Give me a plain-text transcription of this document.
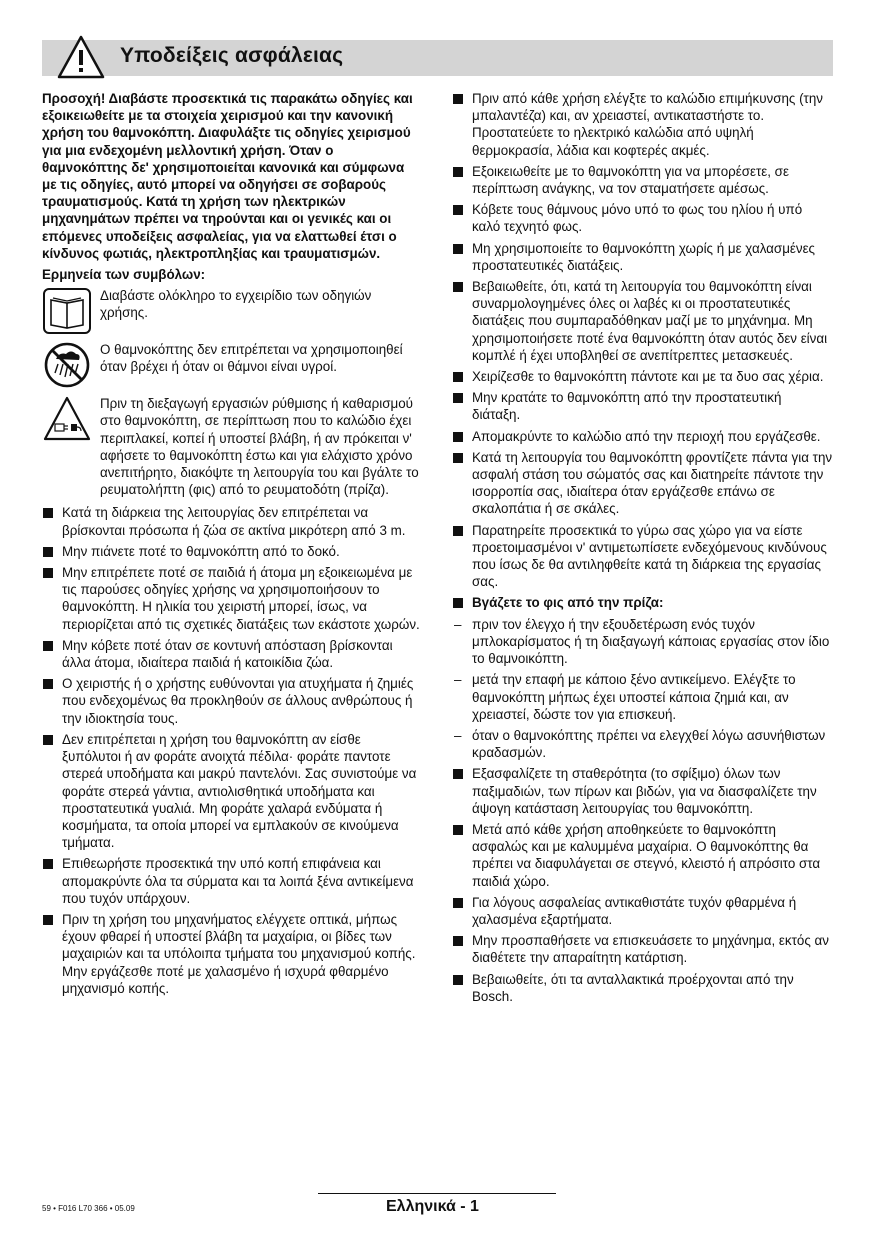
Υποδείξεις ασφάλειας

Προσοχή! Διαβάστε προσεκτικά τις παρακάτω οδηγίες και εξοικειωθείτε με τα στοιχεία χειρισμού και την κανονική χρήση του θαμνοκόπτη. Διαφυλάξτε τις οδηγίες χειρισμού για μια ενδεχομένη μελλοντική χρήση. Όταν ο θαμνοκόπτης δε' χρησιμοποιείται κανονικά και σύμφωνα με τις οδηγίες, αυτό μπορεί να οδηγήσει σε σοβαρούς τραυματισμούς. Κατά τη χρήση των ηλεκτρικών μηχανημάτων πρέπει να τηρούνται και οι γενικές και οι επόμενες υποδείξεις ασφαλείας, για να ελαττωθεί έτσι ο κίνδυνος φωτιάς, ηλεκτροπληξίας και τραυματισμών.

Ερμηνεία των συμβόλων:

Διαβάστε ολόκληρο το εγχειρίδιο των οδηγιών χρήσης.

Ο θαμνοκόπτης δεν επιτρέπεται να χρησιμοποιηθεί όταν βρέχει ή όταν οι θάμνοι είναι υγροί.

Πριν τη διεξαγωγή εργασιών ρύθμισης ή καθαρισμού στο θαμνοκόπτη, σε περίπτωση που το καλώδιο έχει περιπλακεί, κοπεί ή υποστεί βλάβη, ή αν πρόκειται ν' αφήσετε το θαμνοκόπτη έστω και για ελάχιστο χρόνο ανεπιτήρητο, διακόψτε τη λειτουργία του και βγάλτε το ρευματολήπτη (φις) από το ρευματοδότη (πρίζα).

Κατά τη διάρκεια της λειτουργίας δεν επιτρέπεται να βρίσκονται πρόσωπα ή ζώα σε ακτίνα μικρότερη από 3 m.

Μην πιάνετε ποτέ το θαμνοκόπτη από το δοκό.

Μην επιτρέπετε ποτέ σε παιδιά ή άτομα μη εξοικειωμένα με τις παρούσες οδηγίες χρήσης να χρησιμοποιήσουν το θαμνοκόπτη. Η ηλικία του χειριστή μπορεί, ίσως, να περιορίζεται από τις σχετικές διατάξεις των εκάστοτε χωρών.

Μην κόβετε ποτέ όταν σε κοντυνή απόσταση βρίσκονται άλλα άτομα, ιδιαίτερα παιδιά ή κατοικίδια ζώα.

Ο χειριστής ή ο χρήστης ευθύνονται για ατυχήματα ή ζημιές που ενδεχομένως θα προκληθούν σε άλλους ανθρώπους ή την ιδιοκτησία τους.

Δεν επιτρέπεται η χρήση του θαμνοκόπτη αν είσθε ξυπόλυτοι ή αν φοράτε ανοιχτά πέδιλα· φοράτε παντοτε στερεά υποδήματα και μακρύ παντελόνι. Σας συνιστούμε να φοράτε στερεά γάντια, αντιολισθητικά υποδήματα και προστατευτικά γυαλιά. Μη φοράτε χαλαρά ενδύματα ή κοσμήματα, τα οποία μπορεί να εμπλακούν σε κινούμενα τμήματα.

Επιθεωρήστε προσεκτικά την υπό κοπή επιφάνεια και απομακρύντε όλα τα σύρματα και τα λοιπά ξένα αντικείμενα που τυχόν υπάρχουν.

Πριν τη χρήση του μηχανήματος ελέγχετε οπτικά, μήπως έχουν φθαρεί ή υποστεί βλάβη τα μαχαίρια, οι βίδες των μαχαιριών και τα υπόλοιπα τμήματα του μηχανισμού κοπής. Μην εργάζεσθε ποτέ με χαλασμένο ή ισχυρά φθαρμένο μηχανισμό κοπής.

Πριν από κάθε χρήση ελέγξτε το καλώδιο επιμήκυνσης (την μπαλαντέζα) και, αν χρειαστεί, αντικαταστήστε το. Προστατεύετε το ηλεκτρικό καλώδια από υψηλή θερμοκρασία, λάδια και κοφτερές ακμές.

Εξοικειωθείτε με το θαμνοκόπτη για να μπορέσετε, σε περίπτωση ανάγκης, να τον σταματήσετε αμέσως.

Κόβετε τους θάμνους μόνο υπό το φως του ηλίου ή υπό καλό τεχνητό φως.

Μη χρησιμοποιείτε το θαμνοκόπτη χωρίς ή με χαλασμένες προστατευτικές διατάξεις.

Βεβαιωθείτε, ότι, κατά τη λειτουργία του θαμνοκόπτη είναι συναρμολογημένες όλες οι λαβές κι οι προστατευτικές διατάξεις που συμπαραδόθηκαν μαζί με το μηχάνημα. Μη χρησιμοποιήσετε ποτέ ένα θαμνοκόπτη όταν αυτός δεν είναι κομπλέ ή έχει υποβληθεί σε ανεπίτρεπτες μετασκευές.

Χειρίζεσθε το θαμνοκόπτη πάντοτε και με τα δυο σας χέρια.

Μην κρατάτε το θαμνοκόπτη από την προστατευτική διάταξη.

Απομακρύντε το καλώδιο από την περιοχή που εργάζεσθε.

Κατά τη λειτουργία του θαμνοκόπτη φροντίζετε πάντα για την ασφαλή στάση του σώματός σας και διατηρείτε πάντοτε την ισορροπία σας, ιδιαίτερα όταν εργάζεσθε επάνω σε σκαλοπάτια ή σε σκάλες.

Παρατηρείτε προσεκτικά το γύρω σας χώρο για να είστε προετοιμασμένοι ν' αντιμετωπίσετε ενδεχόμενους κινδύνους που ίσως δε θα αντιληφθείτε κατά τη διάρκεια της εργασίας σας.

Βγάζετε το φις από την πρίζα:

– πριν τον έλεγχο ή την εξουδετέρωση ενός τυχόν μπλοκαρίσματος ή τη διαξαγωγή κάποιας εργασίας στον ίδιο το θαμνοικόπτη.
– μετά την επαφή με κάποιο ξένο αντικείμενο. Ελέγξτε το θαμνοκόπτη μήπως έχει υποστεί κάποια ζημιά και, αν χρειαστεί, δώστε τον για επισκευή.
– όταν ο θαμνοκόπτης πρέπει να ελεγχθεί λόγω ασυνήθιστων κραδασμών.

Εξασφαλίζετε τη σταθερότητα (το σφίξιμο) όλων των παξιμαδιών, των πίρων και βιδών, για να διασφαλίζετε την άψογη κατάσταση λειτουργίας του θαμνοκόπτη.

Μετά από κάθε χρήση αποθηκεύετε το θαμνοκόπτη ασφαλώς και με καλυμμένα μαχαίρια. Ο θαμνοκόπτης θα πρέπει να διαφυλάγεται σε στεγνό, κλειστό ή απρόσιτο στα παιδιά χώρο.

Για λόγους ασφαλείας αντικαθιστάτε τυχόν φθαρμένα ή χαλασμένα εξαρτήματα.

Μην προσπαθήσετε να επισκευάσετε το μηχάνημα, εκτός αν διαθέτετε την απαραίτητη κατάρτιση.

Βεβαιωθείτε, ότι τα ανταλλακτικά προέρχονται από την Bosch.

59 • F016 L70 366 • 05.09	Ελληνικά - 1
